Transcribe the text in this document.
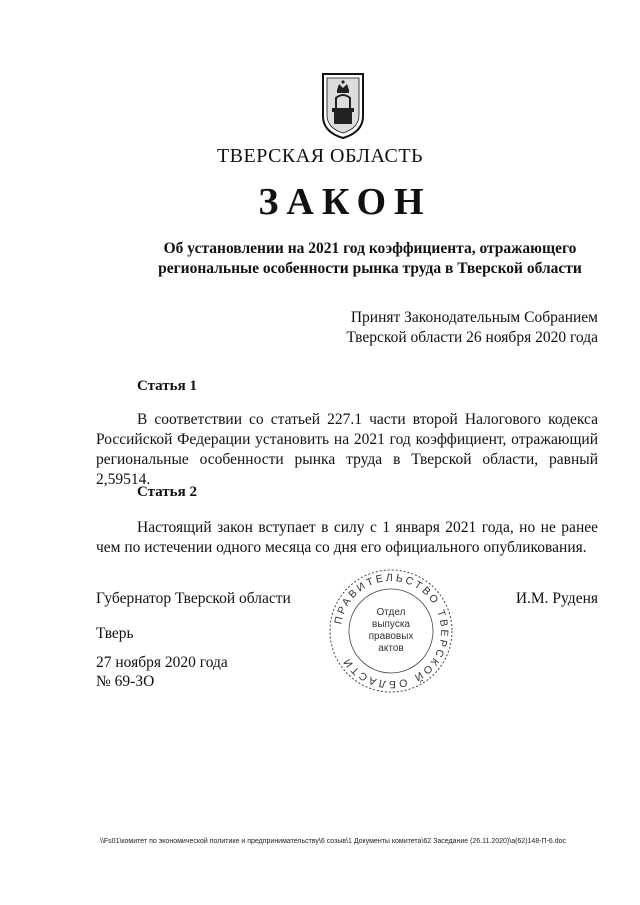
ТВЕРСКАЯ ОБЛАСТЬ
ЗАКОН
Об установлении на 2021 год коэффициента, отражающего
региональные особенности рынка труда в Тверской области
Принят Законодательным Собранием
Тверской области 26 ноября 2020 года
Статья 1
В соответствии со статьей 227.1 части второй Налогового кодекса Российской Федерации установить на 2021 год коэффициент, отражающий региональные особенности рынка труда в Тверской области, равный 2,59514.
Статья 2
Настоящий закон вступает в силу с 1 января 2021 года, но не ранее чем по истечении одного месяца со дня его официального опубликования.
Губернатор Тверской области	И.М. Руденя
Тверь
27 ноября 2020 года
№ 69-ЗО
ПРАВИТЕЛЬСТВО ТВЕРСКОЙ ОБЛАСТИ
Отдел
выпуска
правовых
актов
\\Fs01\комитет по экономической политике и предпринимательству\6 созыв\1 Документы комитета\62 Заседание (26.11.2020)\а(62)148-П-6.doc
